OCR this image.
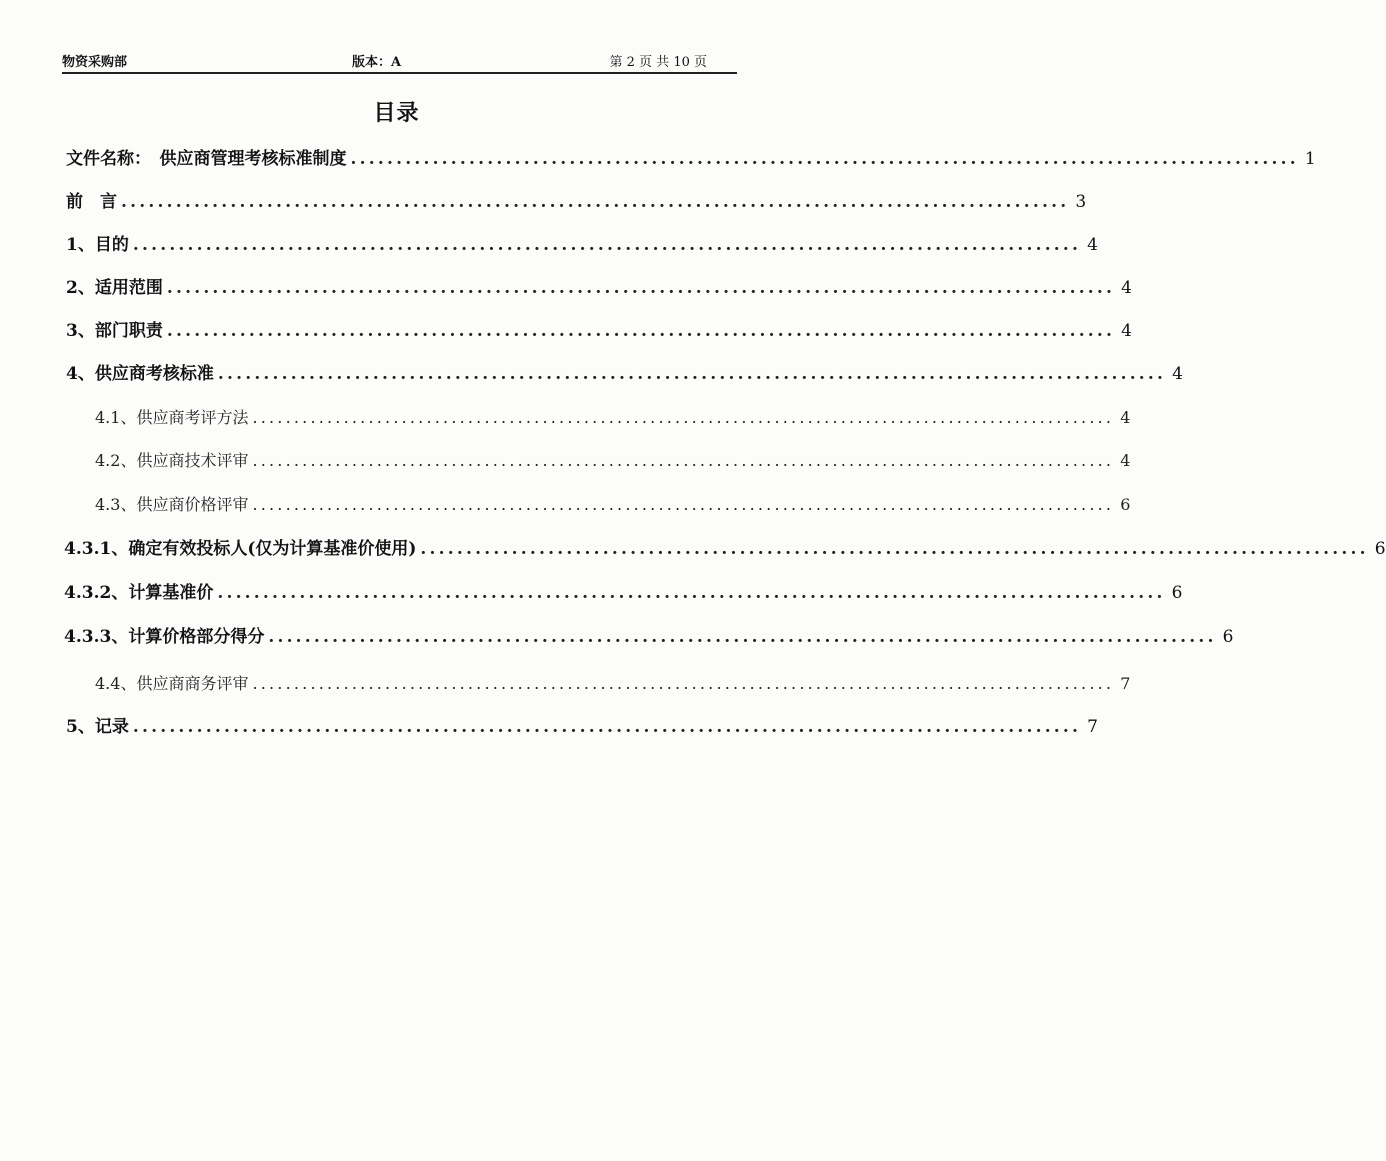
物资采购部	版本：A	第 2 页 共 10 页
目录
文件名称：　供应商管理考核标准制度 ........................................................................................................ 1
前　言 ........................................................................................................ 3
1、目的 ........................................................................................................ 4
2、适用范围 ........................................................................................................ 4
3、部门职责 ........................................................................................................ 4
4、供应商考核标准 ........................................................................................................ 4
4.1、供应商考评方法 ........................................................................................................ 4
4.2、供应商技术评审 ........................................................................................................ 4
4.3、供应商价格评审 ........................................................................................................ 6
4.3.1、确定有效投标人(仅为计算基准价使用) ........................................................................................................ 6
4.3.2、计算基准价 ........................................................................................................ 6
4.3.3、计算价格部分得分 ........................................................................................................ 6
4.4、供应商商务评审 ........................................................................................................ 7
5、记录 ........................................................................................................ 7
